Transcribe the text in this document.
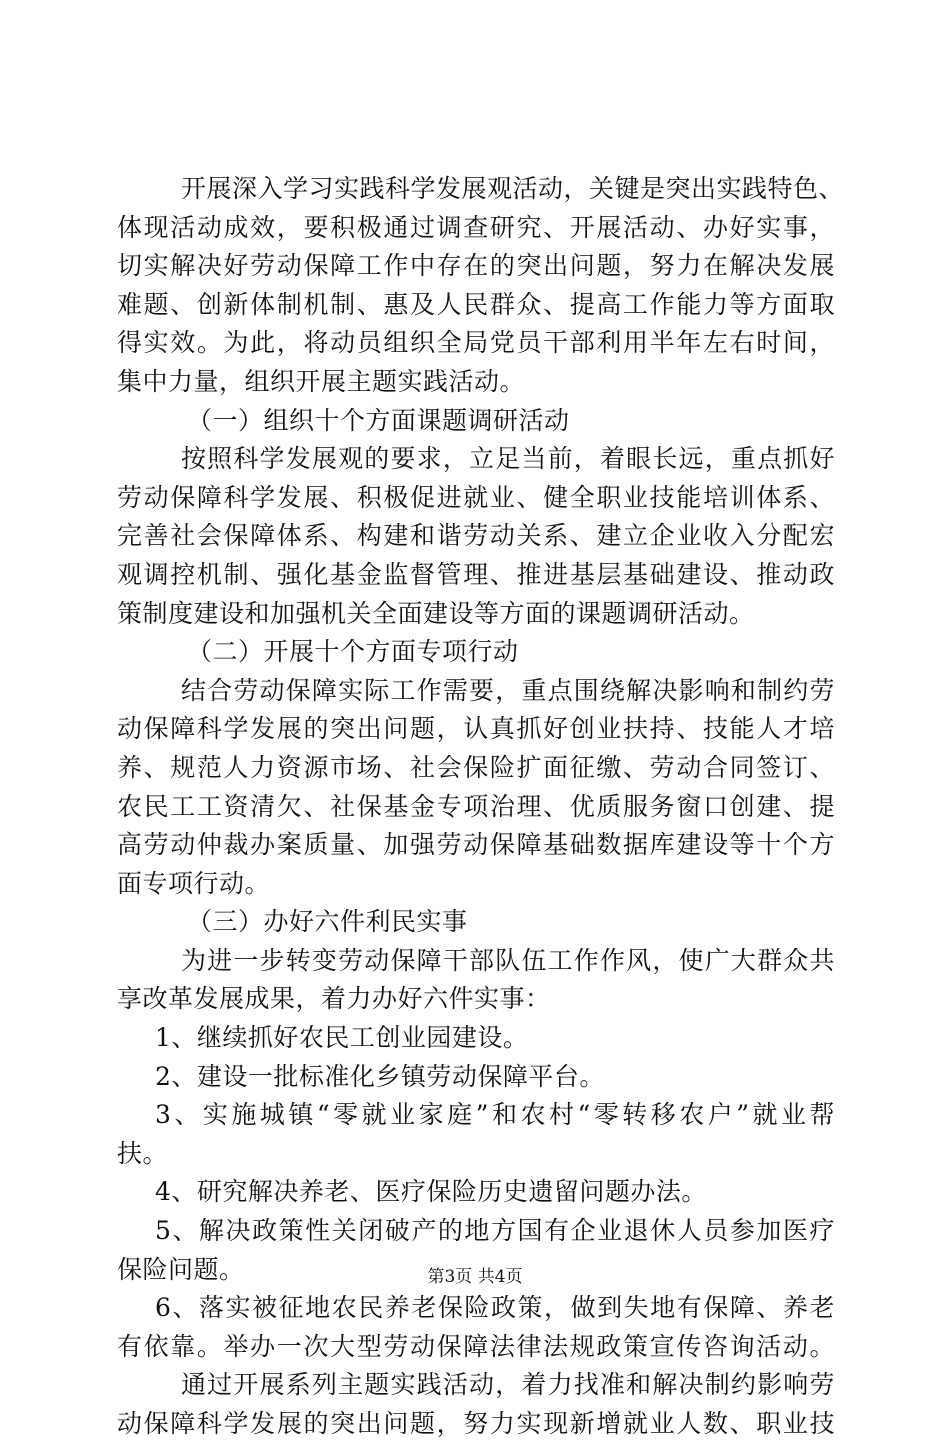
开展深入学习实践科学发展观活动，关键是突出实践特色、
体现活动成效，要积极通过调查研究、开展活动、办好实事，
切实解决好劳动保障工作中存在的突出问题，努力在解决发展
难题、创新体制机制、惠及人民群众、提高工作能力等方面取
得实效。为此，将动员组织全局党员干部利用半年左右时间，
集中力量，组织开展主题实践活动。
（一）组织十个方面课题调研活动
按照科学发展观的要求，立足当前，着眼长远，重点抓好
劳动保障科学发展、积极促进就业、健全职业技能培训体系、
完善社会保障体系、构建和谐劳动关系、建立企业收入分配宏
观调控机制、强化基金监督管理、推进基层基础建设、推动政
策制度建设和加强机关全面建设等方面的课题调研活动。
（二）开展十个方面专项行动
结合劳动保障实际工作需要，重点围绕解决影响和制约劳
动保障科学发展的突出问题，认真抓好创业扶持、技能人才培
养、规范人力资源市场、社会保险扩面征缴、劳动合同签订、
农民工工资清欠、社保基金专项治理、优质服务窗口创建、提
高劳动仲裁办案质量、加强劳动保障基础数据库建设等十个方
面专项行动。
（三）办好六件利民实事
为进一步转变劳动保障干部队伍工作作风，使广大群众共
享改革发展成果，着力办好六件实事：
1、继续抓好农民工创业园建设。
2、建设一批标准化乡镇劳动保障平台。
3、实施城镇“零就业家庭”和农村“零转移农户”就业帮
扶。
4、研究解决养老、医疗保险历史遗留问题办法。
5、解决政策性关闭破产的地方国有企业退休人员参加医疗
保险问题。
6、落实被征地农民养老保险政策，做到失地有保障、养老
有依靠。举办一次大型劳动保障法律法规政策宣传咨询活动。
通过开展系列主题实践活动，着力找准和解决制约影响劳
动保障科学发展的突出问题，努力实现新增就业人数、职业技
第3页 共4页
